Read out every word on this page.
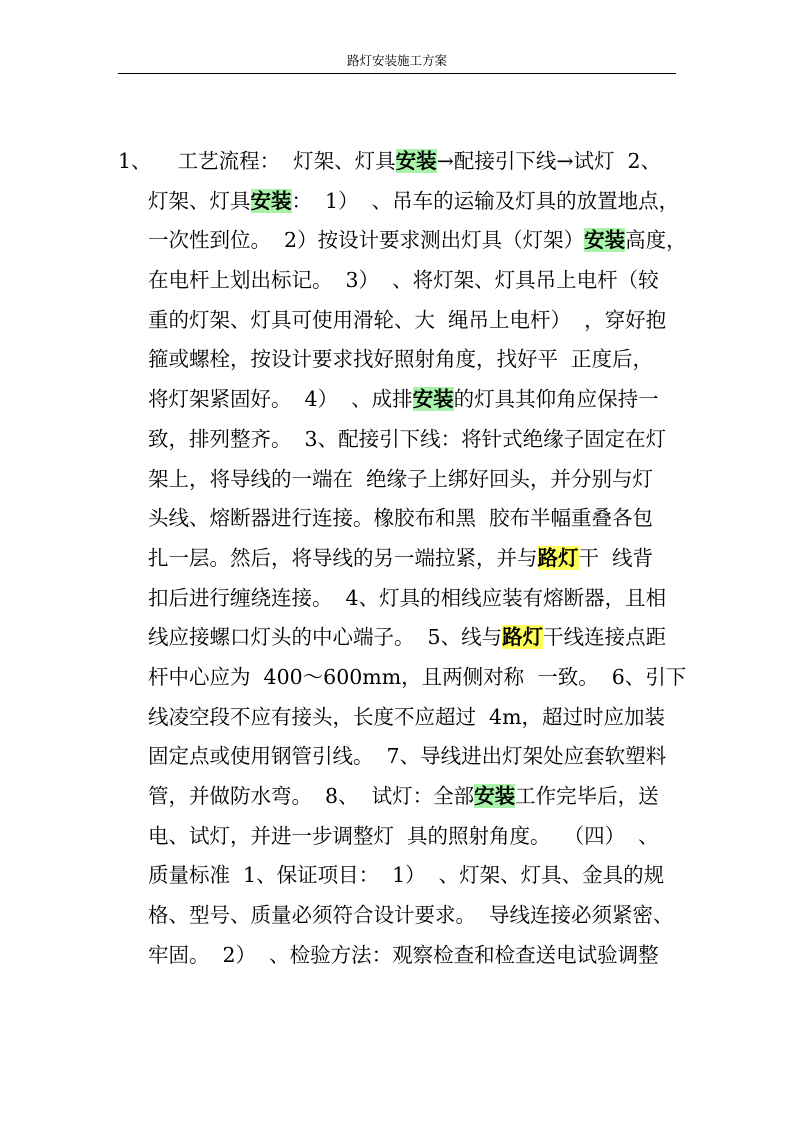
路灯安装施工方案
1、    工艺流程：  灯架、灯具安装→配接引下线→试灯  2、
灯架、灯具安装：  1）  、吊车的运输及灯具的放置地点，
一次性到位。  2）按设计要求测出灯具（灯架）安装高度，
在电杆上划出标记。  3）  、将灯架、灯具吊上电杆（较
重的灯架、灯具可使用滑轮、大  绳吊上电杆）  ，穿好抱
箍或螺栓，按设计要求找好照射角度，找好平  正度后，
将灯架紧固好。  4）  、成排安装的灯具其仰角应保持一
致，排列整齐。  3、配接引下线：将针式绝缘子固定在灯
架上，将导线的一端在  绝缘子上绑好回头，并分别与灯
头线、熔断器进行连接。橡胶布和黑  胶布半幅重叠各包
扎一层。然后，将导线的另一端拉紧，并与路灯干  线背
扣后进行缠绕连接。  4、灯具的相线应装有熔断器，且相
线应接螺口灯头的中心端子。  5、线与路灯干线连接点距
杆中心应为  400～600mm，且两侧对称  一致。  6、引下
线凌空段不应有接头，长度不应超过  4m，超过时应加装
固定点或使用钢管引线。  7、导线进出灯架处应套软塑料
管，并做防水弯。  8、  试灯：全部安装工作完毕后，送
电、试灯，并进一步调整灯  具的照射角度。  （四）  、
质量标准  1、保证项目：  1）  、灯架、灯具、金具的规
格、型号、质量必须符合设计要求。  导线连接必须紧密、
牢固。  2）  、检验方法：观察检查和检查送电试验调整
